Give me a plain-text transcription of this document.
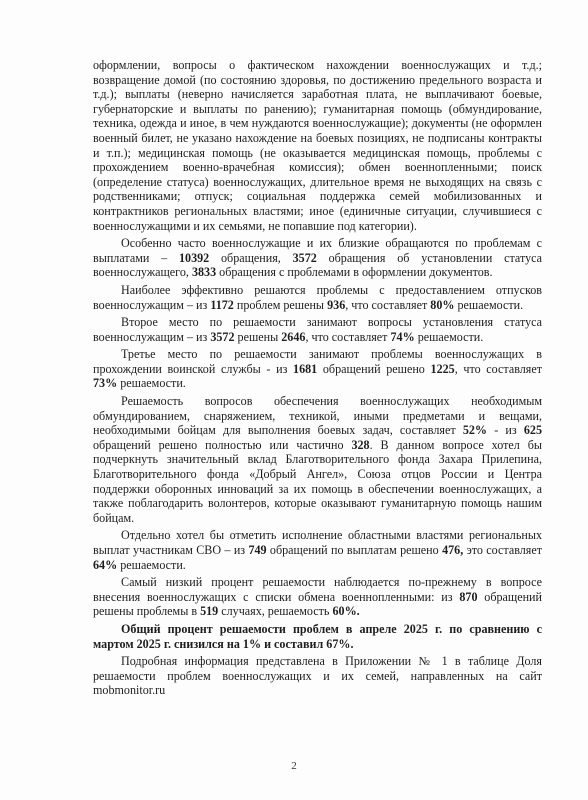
оформлении, вопросы о фактическом нахождении военнослужащих и т.д.; возвращение домой (по состоянию здоровья, по достижению предельного возраста и т.д.); выплаты (неверно начисляется заработная плата, не выплачивают боевые, губернаторские и выплаты по ранению); гуманитарная помощь (обмундирование, техника, одежда и иное, в чем нуждаются военнослужащие); документы (не оформлен военный билет, не указано нахождение на боевых позициях, не подписаны контракты и т.п.); медицинская помощь (не оказывается медицинская помощь, проблемы с прохождением военно-врачебная комиссия); обмен военнопленными; поиск (определение статуса) военнослужащих, длительное время не выходящих на связь с родственниками; отпуск; социальная поддержка семей мобилизованных и контрактников региональных властями; иное (единичные ситуации, случившиеся с военнослужащими и их семьями, не попавшие под категории).

Особенно часто военнослужащие и их близкие обращаются по проблемам с выплатами – 10392 обращения, 3572 обращения об установлении статуса военнослужащего, 3833 обращения с проблемами в оформлении документов.

Наиболее эффективно решаются проблемы с предоставлением отпусков военнослужащим – из 1172 проблем решены 936, что составляет 80% решаемости.

Второе место по решаемости занимают вопросы установления статуса военнослужащим – из 3572 решены 2646, что составляет 74% решаемости.

Третье место по решаемости занимают проблемы военнослужащих в прохождении воинской службы - из 1681 обращений решено 1225, что составляет 73% решаемости.

Решаемость вопросов обеспечения военнослужащих необходимым обмундированием, снаряжением, техникой, иными предметами и вещами, необходимыми бойцам для выполнения боевых задач, составляет 52% - из 625 обращений решено полностью или частично 328. В данном вопросе хотел бы подчеркнуть значительный вклад Благотворительного фонда Захара Прилепина, Благотворительного фонда «Добрый Ангел», Союза отцов России и Центра поддержки оборонных инноваций за их помощь в обеспечении военнослужащих, а также поблагодарить волонтеров, которые оказывают гуманитарную помощь нашим бойцам.

Отдельно хотел бы отметить исполнение областными властями региональных выплат участникам СВО – из 749 обращений по выплатам решено 476, это составляет 64% решаемости.

Самый низкий процент решаемости наблюдается по-прежнему в вопросе внесения военнослужащих с списки обмена военнопленными: из 870 обращений решены проблемы в 519 случаях, решаемость 60%.

Общий процент решаемости проблем в апреле 2025 г. по сравнению с мартом 2025 г. снизился на 1% и составил 67%.

Подробная информация представлена в Приложении № 1 в таблице Доля решаемости проблем военнослужащих и их семей, направленных на сайт mobmonitor.ru

2
